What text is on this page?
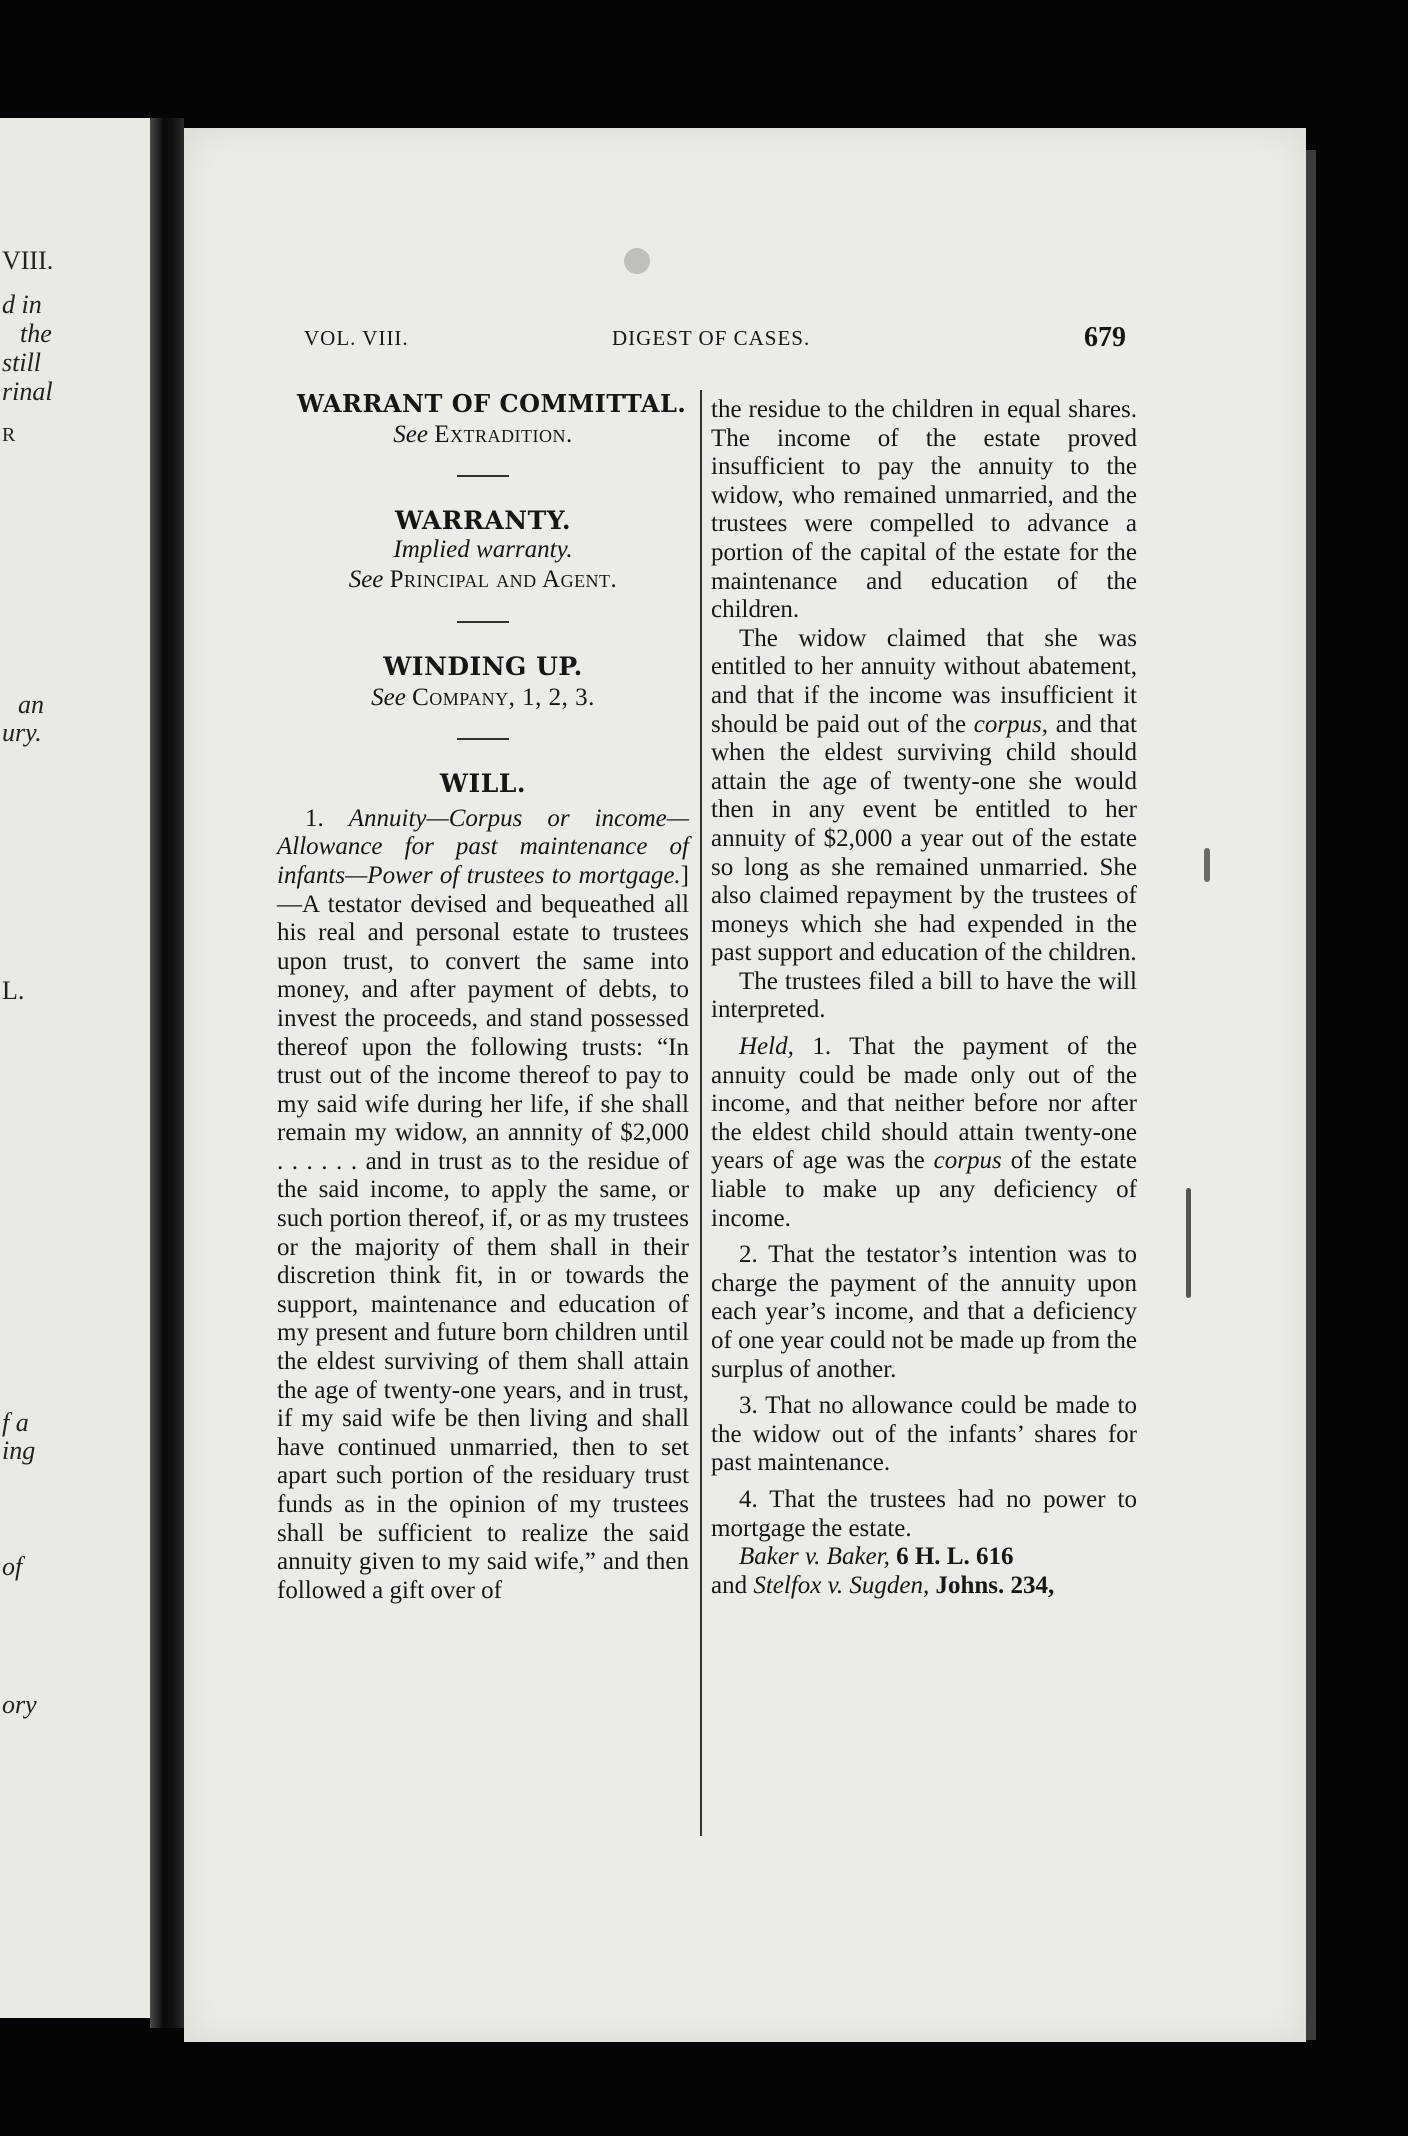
VIII.
d in
the
still
rinal
R
an
ury.
L.
f a
ing
of
ory
VOL. VIII.	DIGEST OF CASES.	679

WARRANT OF COMMITTAL.

See Extradition.

WARRANTY.

Implied warranty.

See Principal and Agent.

WINDING UP.

See Company, 1, 2, 3.

WILL.

1. Annuity—Corpus or income—Allowance for past maintenance of infants—Power of trustees to mortgage.]—A testator devised and bequeathed all his real and personal estate to trustees upon trust, to convert the same into money, and after payment of debts, to invest the proceeds, and stand possessed thereof upon the following trusts: “In trust out of the income thereof to pay to my said wife during her life, if she shall remain my widow, an annnity of $2,000 . . . . . . and in trust as to the residue of the said income, to apply the same, or such portion thereof, if, or as my trustees or the majority of them shall in their discretion think fit, in or towards the support, maintenance and education of my present and future born children until the eldest surviving of them shall attain the age of twenty-one years, and in trust, if my said wife be then living and shall have continued unmarried, then to set apart such portion of the residuary trust funds as in the opinion of my trustees shall be sufficient to realize the said annuity given to my said wife,” and then followed a gift over of

the residue to the children in equal shares. The income of the estate proved insufficient to pay the annuity to the widow, who remained unmarried, and the trustees were compelled to advance a portion of the capital of the estate for the maintenance and education of the children.

The widow claimed that she was entitled to her annuity without abatement, and that if the income was insufficient it should be paid out of the corpus, and that when the eldest surviving child should attain the age of twenty-one she would then in any event be entitled to her annuity of $2,000 a year out of the estate so long as she remained unmarried. She also claimed repayment by the trustees of moneys which she had expended in the past support and education of the children.

The trustees filed a bill to have the will interpreted.

Held, 1. That the payment of the annuity could be made only out of the income, and that neither before nor after the eldest child should attain twenty-one years of age was the corpus of the estate liable to make up any deficiency of income.

2. That the testator’s intention was to charge the payment of the annuity upon each year’s income, and that a deficiency of one year could not be made up from the surplus of another.

3. That no allowance could be made to the widow out of the infants’ shares for past maintenance.

4. That the trustees had no power to mortgage the estate.

Baker v. Baker, 6 H. L. 616

and Stelfox v. Sugden, Johns. 234,
